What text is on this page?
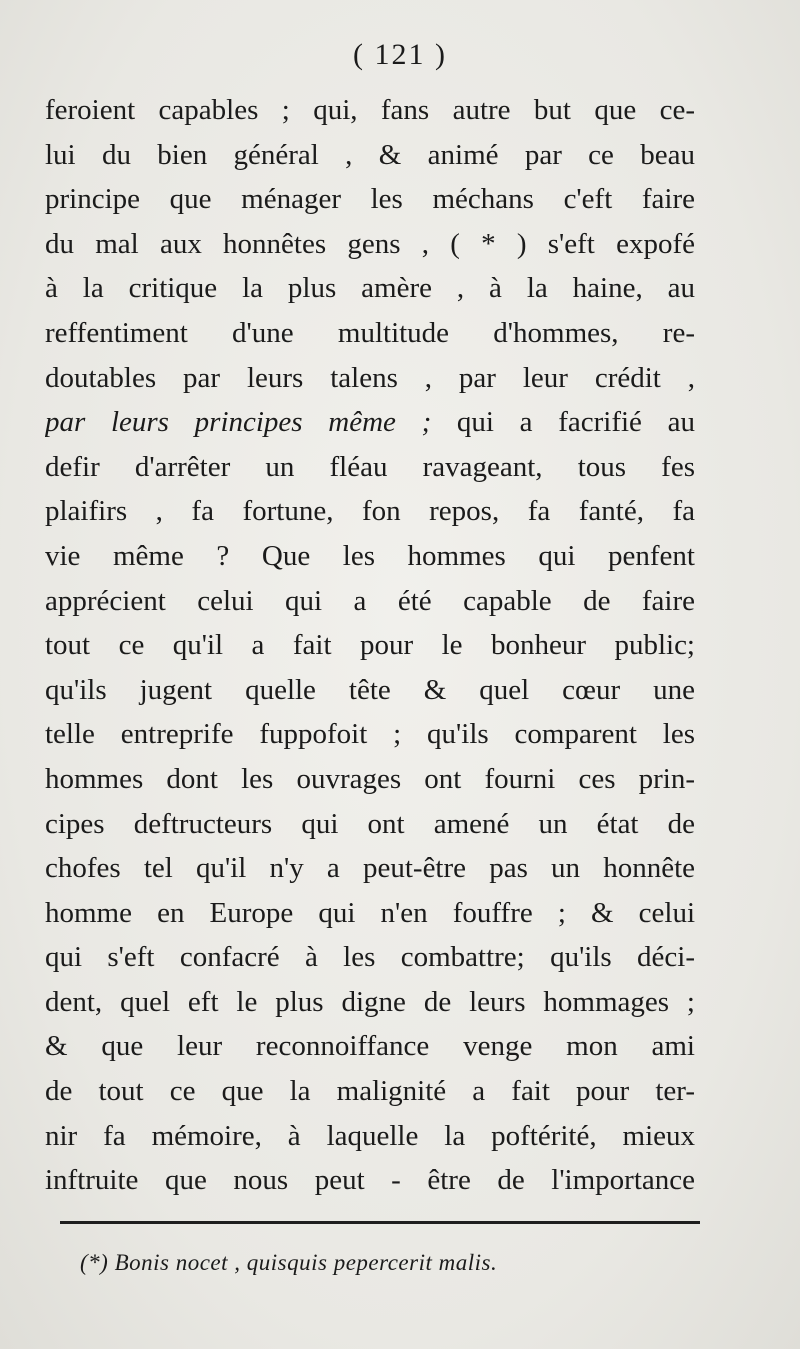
( 121 )
feroient capables ; qui, fans autre but que ce-
lui du bien général , & animé par ce beau
principe que ménager les méchans c'eft faire
du mal aux honnêtes gens , ( * ) s'eft expofé
à la critique la plus amère , à la haine, au
reffentiment d'une multitude d'hommes, re-
doutables par leurs talens , par leur crédit ,
par leurs principes même ; qui a facrifié au
defir d'arrêter un fléau ravageant, tous fes
plaifirs , fa fortune, fon repos, fa fanté, fa
vie même ? Que les hommes qui penfent
apprécient celui qui a été capable de faire
tout ce qu'il a fait pour le bonheur public;
qu'ils jugent quelle tête & quel cœur une
telle entreprife fuppofoit ; qu'ils comparent les
hommes dont les ouvrages ont fourni ces prin-
cipes deftructeurs qui ont amené un état de
chofes tel qu'il n'y a peut-être pas un honnête
homme en Europe qui n'en fouffre ; & celui
qui s'eft confacré à les combattre; qu'ils déci-
dent, quel eft le plus digne de leurs hommages ;
& que leur reconnoiffance venge mon ami
de tout ce que la malignité a fait pour ter-
nir fa mémoire, à laquelle la poftérité, mieux
inftruite que nous peut - être de l'importance
(*) Bonis nocet , quisquis pepercerit malis.
